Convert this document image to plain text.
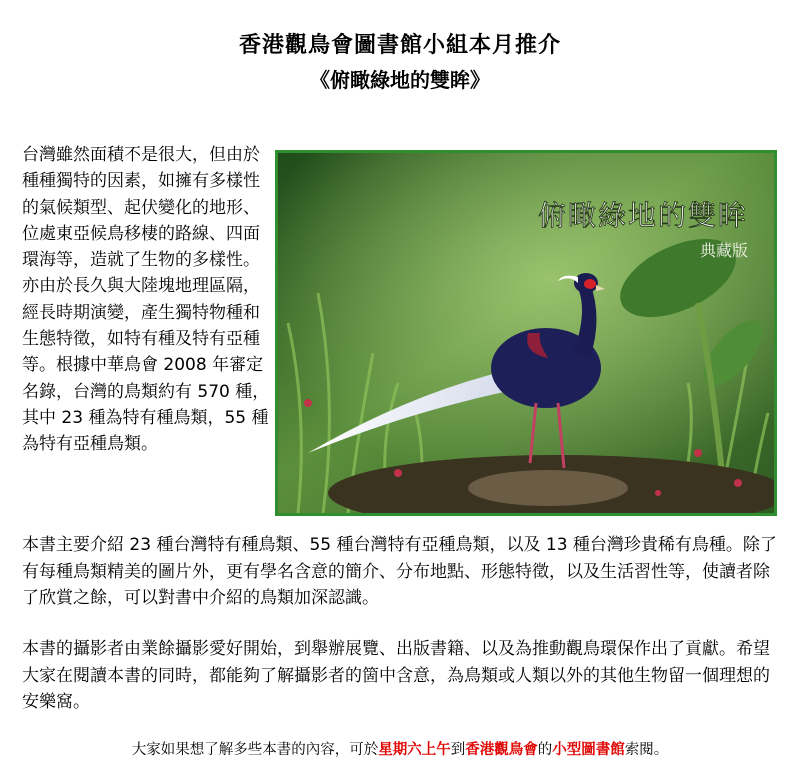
香港觀鳥會圖書館小組本月推介
《俯瞰綠地的雙眸》
台灣雖然面積不是很大，但由於種種獨特的因素，如擁有多樣性的氣候類型、起伏變化的地形、位處東亞候鳥移棲的路線、四面環海等，造就了生物的多樣性。亦由於長久與大陸塊地理區隔，經長時期演變，產生獨特物種和生態特徵，如特有種及特有亞種等。根據中華鳥會 2008 年審定名錄，台灣的鳥類約有 570 種，其中 23 種為特有種鳥類，55 種為特有亞種鳥類。
俯瞰綠地的雙眸
典藏版
本書主要介紹 23 種台灣特有種鳥類、55 種台灣特有亞種鳥類，以及 13 種台灣珍貴稀有鳥種。除了有每種鳥類精美的圖片外，更有學名含意的簡介、分布地點、形態特徵，以及生活習性等，使讀者除了欣賞之餘，可以對書中介紹的鳥類加深認識。
本書的攝影者由業餘攝影愛好開始，到舉辦展覽、出版書籍、以及為推動觀鳥環保作出了貢獻。希望大家在閱讀本書的同時，都能夠了解攝影者的箇中含意，為鳥類或人類以外的其他生物留一個理想的安樂窩。
大家如果想了解多些本書的內容，可於星期六上午到香港觀鳥會的小型圖書館索閱。
